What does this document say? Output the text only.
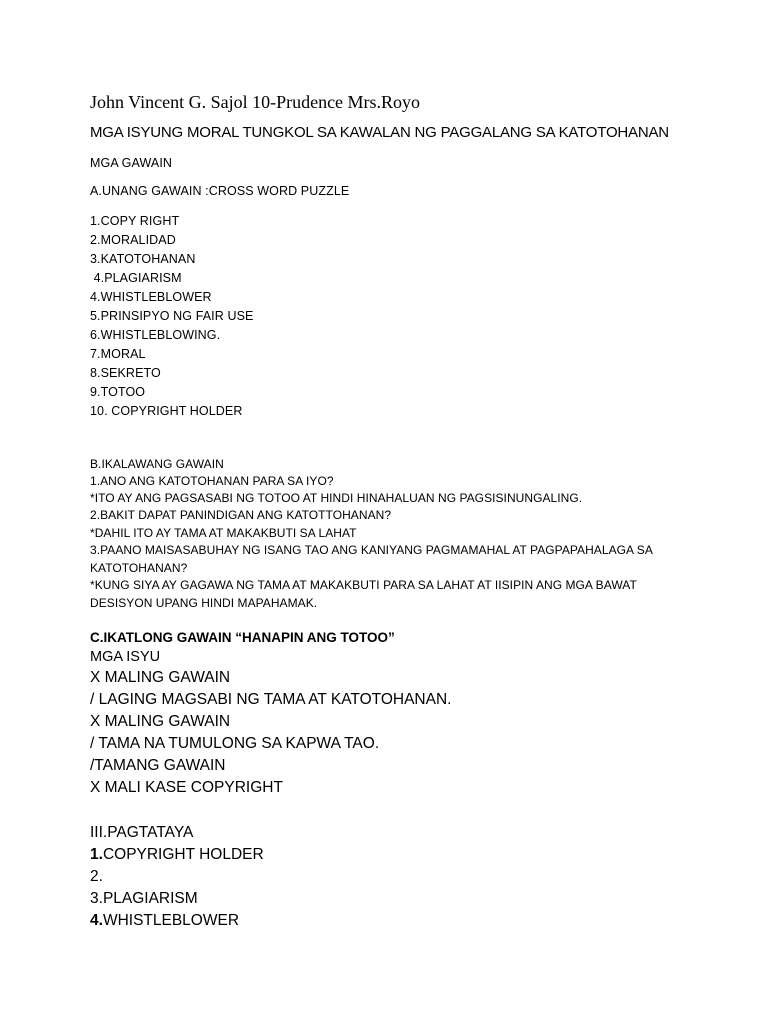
John Vincent G. Sajol 10-Prudence Mrs.Royo

MGA ISYUNG MORAL TUNGKOL SA KAWALAN NG PAGGALANG SA KATOTOHANAN

MGA GAWAIN

A.UNANG GAWAIN :CROSS WORD PUZZLE

1.COPY RIGHT

2.MORALIDAD

3.KATOTOHANAN

4.PLAGIARISM

4.WHISTLEBLOWER

5.PRINSIPYO NG FAIR USE

6.WHISTLEBLOWING.

7.MORAL

8.SEKRETO

9.TOTOO

10. COPYRIGHT HOLDER

B.IKALAWANG GAWAIN

1.ANO ANG KATOTOHANAN PARA SA IYO?

*ITO AY ANG PAGSASABI NG TOTOO AT HINDI HINAHALUAN NG PAGSISINUNGALING.

2.BAKIT DAPAT PANINDIGAN ANG KATOTTOHANAN?

*DAHIL ITO AY TAMA AT MAKAKBUTI SA LAHAT

3.PAANO MAISASABUHAY NG ISANG TAO ANG KANIYANG PAGMAMAHAL AT PAGPAPAHALAGA SA

KATOTOHANAN?

*KUNG SIYA AY GAGAWA NG TAMA AT MAKAKBUTI PARA SA LAHAT AT IISIPIN ANG MGA BAWAT

DESISYON UPANG HINDI MAPAHAMAK.

C.IKATLONG GAWAIN “HANAPIN ANG TOTOO”

MGA ISYU

X MALING GAWAIN

/ LAGING MAGSABI NG TAMA AT KATOTOHANAN.

X MALING GAWAIN

/ TAMA NA TUMULONG SA KAPWA TAO.

/TAMANG GAWAIN

X MALI KASE COPYRIGHT

III.PAGTATAYA

1.COPYRIGHT HOLDER

2.

3.PLAGIARISM

4.WHISTLEBLOWER
